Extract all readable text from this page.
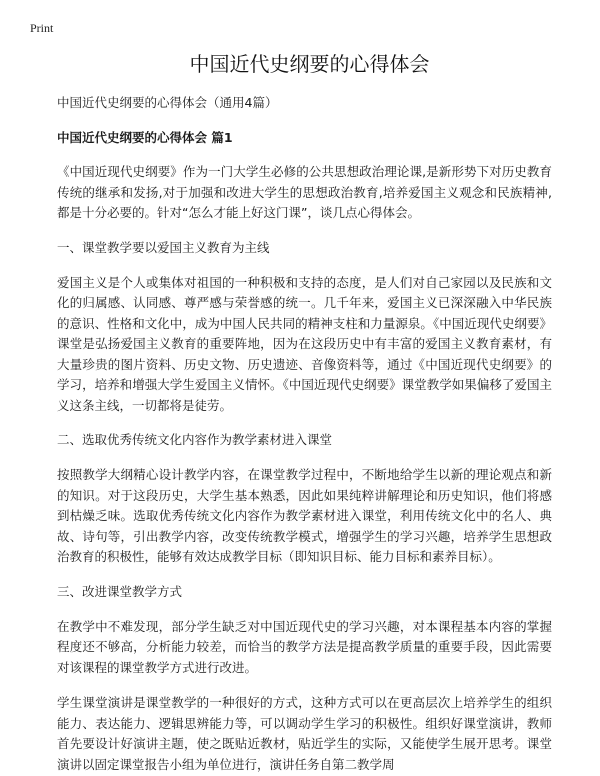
Print
中国近代史纲要的心得体会

中国近代史纲要的心得体会（通用4篇）

中国近代史纲要的心得体会 篇1

《中国近现代史纲要》作为一门大学生必修的公共思想政治理论课,是新形势下对历史教育传统的继承和发扬,对于加强和改进大学生的思想政治教育,培养爱国主义观念和民族精神,都是十分必要的。针对“怎么才能上好这门课”，谈几点心得体会。

一、课堂教学要以爱国主义教育为主线

爱国主义是个人或集体对祖国的一种积极和支持的态度，是人们对自己家园以及民族和文化的归属感、认同感、尊严感与荣誉感的统一。几千年来，爱国主义已深深融入中华民族的意识、性格和文化中，成为中国人民共同的精神支柱和力量源泉。《中国近现代史纲要》课堂是弘扬爱国主义教育的重要阵地，因为在这段历史中有丰富的爱国主义教育素材，有大量珍贵的图片资料、历史文物、历史遗迹、音像资料等，通过《中国近现代史纲要》的学习，培养和增强大学生爱国主义情怀。《中国近现代史纲要》课堂教学如果偏移了爱国主义这条主线，一切都将是徒劳。

二、选取优秀传统文化内容作为教学素材进入课堂

按照教学大纲精心设计教学内容，在课堂教学过程中，不断地给学生以新的理论观点和新的知识。对于这段历史，大学生基本熟悉，因此如果纯粹讲解理论和历史知识，他们将感到枯燥乏味。选取优秀传统文化内容作为教学素材进入课堂，利用传统文化中的名人、典故、诗句等，引出教学内容，改变传统教学模式，增强学生的学习兴趣，培养学生思想政治教育的积极性，能够有效达成教学目标（即知识目标、能力目标和素养目标）。

三、改进课堂教学方式

在教学中不难发现，部分学生缺乏对中国近现代史的学习兴趣，对本课程基本内容的掌握程度还不够高，分析能力较差，而恰当的教学方法是提高教学质量的重要手段，因此需要对该课程的课堂教学方式进行改进。

学生课堂演讲是课堂教学的一种很好的方式，这种方式可以在更高层次上培养学生的组织能力、表达能力、逻辑思辨能力等，可以调动学生学习的积极性。组织好课堂演讲，教师首先要设计好演讲主题，使之既贴近教材，贴近学生的实际，又能使学生展开思考。课堂演讲以固定课堂报告小组为单位进行，演讲任务自第二教学周
